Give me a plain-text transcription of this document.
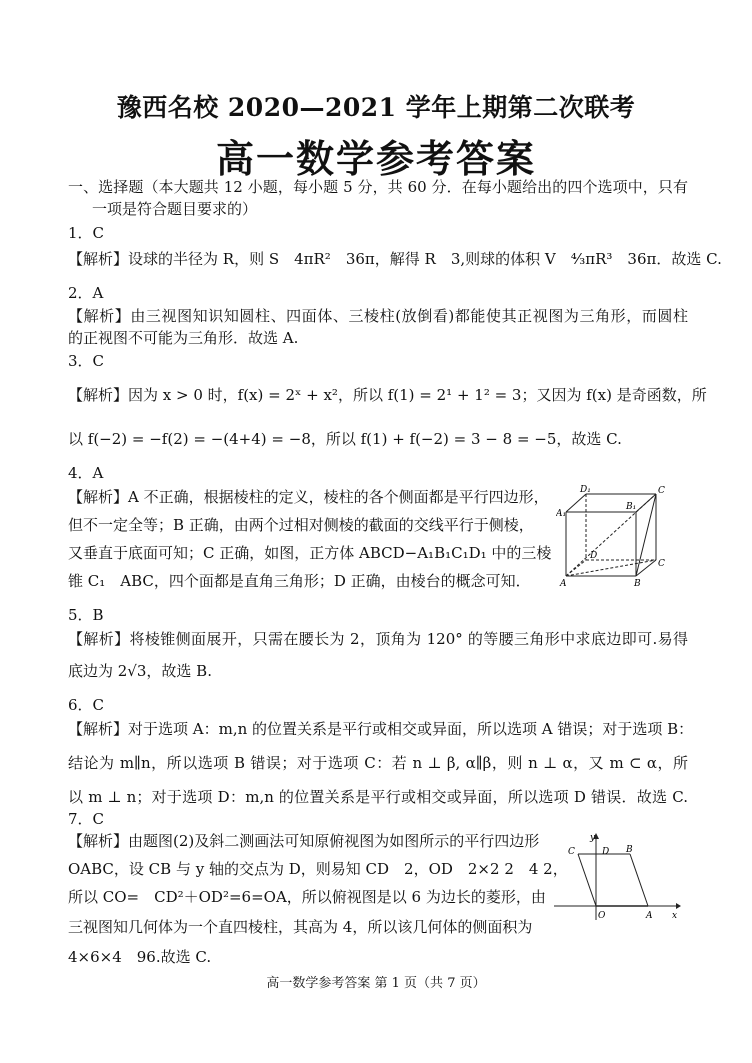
豫西名校 2020—2021 学年上期第二次联考
高一数学参考答案
一、选择题（本大题共 12 小题，每小题 5 分，共 60 分．在每小题给出的四个选项中，只有
一项是符合题目要求的）
1．C
【解析】设球的半径为 R，则 S　4πR²　36π，解得 R　3,则球的体积 V　⁴⁄₃πR³　36π．故选 C.
2．A
【解析】由三视图知识知圆柱、四面体、三棱柱(放倒看)都能使其正视图为三角形，而圆柱
的正视图不可能为三角形．故选 A.
3．C
【解析】因为 x > 0 时，f(x) = 2ˣ + x²，所以 f(1) = 2¹ + 1² = 3；又因为 f(x) 是奇函数，所
以 f(−2) = −f(2) = −(4+4) = −8，所以 f(1) + f(−2) = 3 − 8 = −5，故选 C.
4．A
【解析】A 不正确，根据棱柱的定义，棱柱的各个侧面都是平行四边形，
但不一定全等；B 正确，由两个过相对侧棱的截面的交线平行于侧棱，
又垂直于底面可知；C 正确，如图，正方体 ABCD−A₁B₁C₁D₁ 中的三棱
锥 C₁　ABC，四个面都是直角三角形；D 正确，由棱台的概念可知．
D₁	C
A₁
B₁
D
C
A	B
5．B
【解析】将棱锥侧面展开，只需在腰长为 2，顶角为 120° 的等腰三角形中求底边即可.易得
底边为 2√3，故选 B.
6．C
【解析】对于选项 A：m,n 的位置关系是平行或相交或异面，所以选项 A 错误；对于选项 B：
结论为 m∥n，所以选项 B 错误；对于选项 C：若 n ⊥ β, α∥β，则 n ⊥ α，又 m ⊂ α，所
以 m ⊥ n；对于选项 D：m,n 的位置关系是平行或相交或异面，所以选项 D 错误．故选 C.
7．C
【解析】由题图(2)及斜二测画法可知原俯视图为如图所示的平行四边形
OABC，设 CB 与 y 轴的交点为 D，则易知 CD　2，OD　2×2 2　4 2，
所以 CO=　CD²＋OD²=6=OA，所以俯视图是以 6 为边长的菱形，由
三视图知几何体为一个直四棱柱，其高为 4，所以该几何体的侧面积为
4×6×4　96.故选 C.
y
C	D B
O	A x
高一数学参考答案 第 1 页（共 7 页）
